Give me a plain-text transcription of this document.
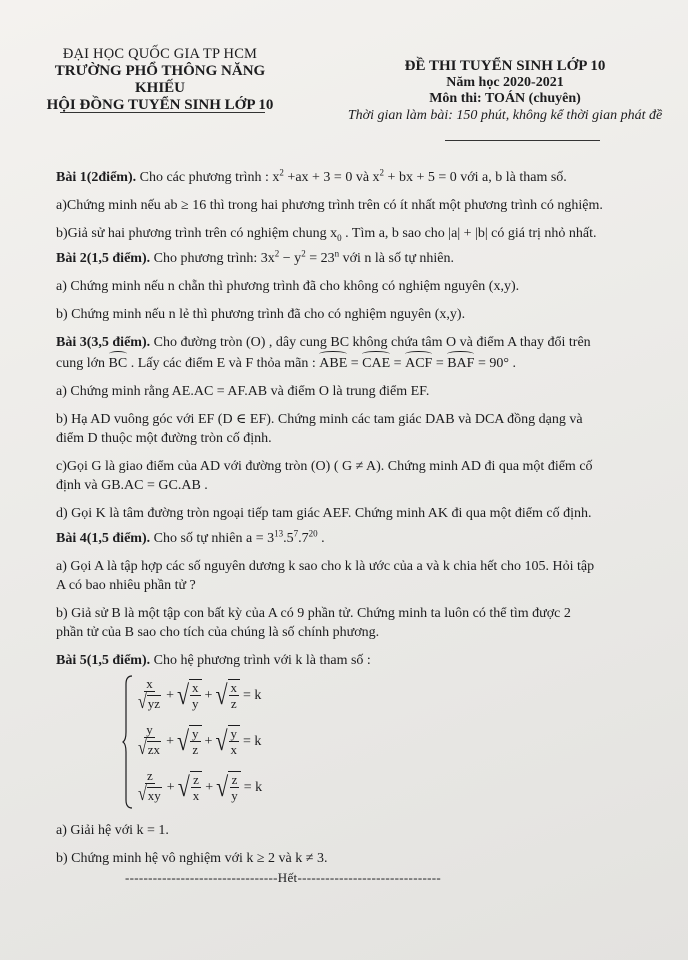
ĐẠI HỌC QUỐC GIA TP HCM
TRƯỜNG PHỔ THÔNG NĂNG KHIẾU
HỘI ĐỒNG TUYỂN SINH LỚP 10
ĐỀ THI TUYỂN SINH LỚP 10
Năm học 2020-2021
Môn thi: TOÁN (chuyên)
Thời gian làm bài: 150 phút, không kể thời gian phát đề

Bài 1(2điểm). Cho các phương trình : $x^2 +ax + 3 = 0$ và $x^2$ + bx + 5 = 0 với a, b là tham số.

a)Chứng minh nếu ab ≥ 16 thì trong hai phương trình trên có ít nhất một phương trình có nghiệm.

b)Giả sử hai phương trình trên có nghiệm chung $x_0$ . Tìm a, b sao cho |a| + |b| có giá trị nhỏ nhất.

Bài 2(1,5 điểm). Cho phương trình: $3x^2 - y^2 = 23^n$ với n là số tự nhiên.

a) Chứng minh nếu n chẵn thì phương trình đã cho không có nghiệm nguyên (x,y).

b) Chứng minh nếu n lẻ thì phương trình đã cho có nghiệm nguyên (x,y).

Bài 3(3,5 điểm). Cho đường tròn (O) , dây cung BC không chứa tâm O và điểm A thay đổi trên

cung lớn BC . Lấy các điểm E và F thỏa mãn : ABE = CAE = ACF = BAF = 90° .

a) Chứng minh rằng AE.AC = AF.AB và điểm O là trung điểm EF.

b) Hạ AD vuông góc với EF (D ∈ EF). Chứng minh các tam giác DAB và DCA đồng dạng và

điểm D thuộc một đường tròn cố định.

c)Gọi G là giao điểm của AD với đường tròn (O) ( G ≠ A). Chứng minh AD đi qua một điểm cố

định và GB.AC = GC.AB .

d) Gọi K là tâm đường tròn ngoại tiếp tam giác AEF. Chứng minh AK đi qua một điểm cố định.

Bài 4(1,5 điểm). Cho số tự nhiên $a = 3^{13}.5^7.7^{20}$ .

a) Gọi A là tập hợp các số nguyên dương k sao cho k là ước của a và k chia hết cho 105. Hỏi tập

A có bao nhiêu phần tử ?

b) Giả sử B là một tập con bất kỳ của A có 9 phần tử. Chứng minh ta luôn có thể tìm được 2

phần tử của B sao cho tích của chúng là số chính phương.

Bài 5(1,5 điểm). Cho hệ phương trình với k là tham số :

$\frac{x}{√ yz}$ + √ $\frac{x}{y}$ + √ $\frac{x}{z} = k$
$\frac{y}{√ zx}$ + √ $\frac{y}{z}$ + √ $\frac{y}{x} = k$
$\frac{z}{√ xy}$ + √ $\frac{z}{x}$ + √ $\frac{z}{y} = k$

a) Giải hệ với k = 1.

b) Chứng minh hệ vô nghiệm với k ≥ 2 và k ≠ 3.

---------------------------------Hết-------------------------------
